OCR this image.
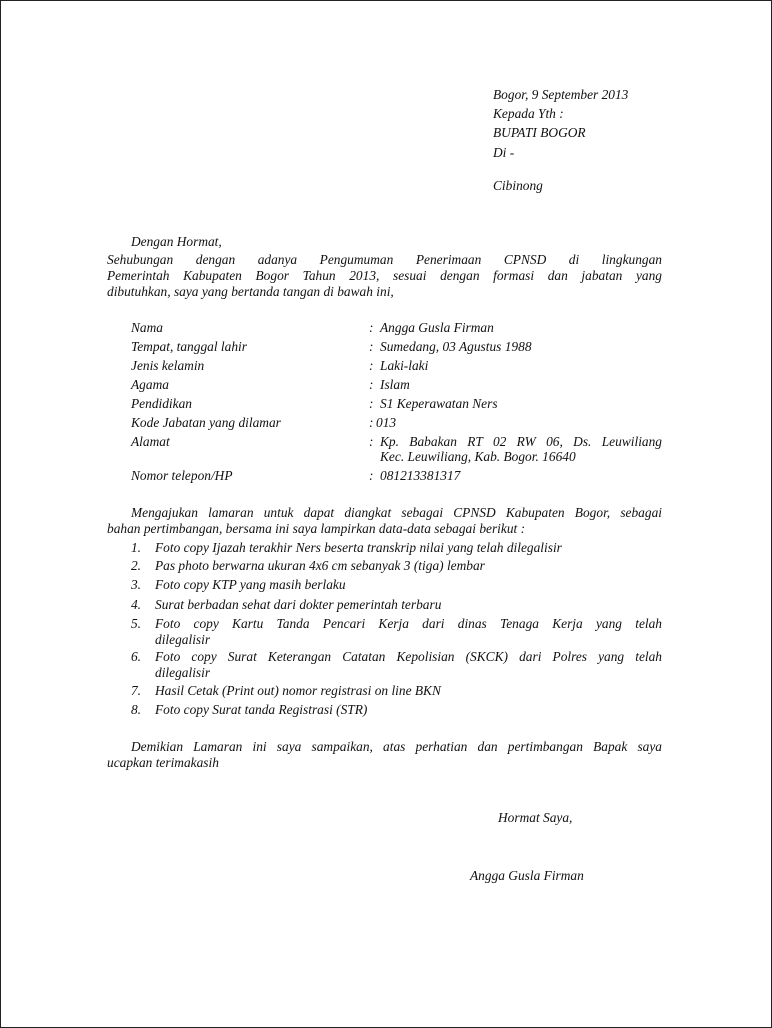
Bogor, 9 September 2013
Kepada Yth :
BUPATI BOGOR
Di -
Cibinong
Dengan Hormat,
Sehubungan dengan adanya Pengumuman Penerimaan CPNSD di lingkungan
Pemerintah Kabupaten Bogor Tahun 2013, sesuai dengan formasi dan jabatan yang
dibutuhkan, saya yang bertanda tangan di bawah ini,
Nama	: Angga Gusla Firman
Tempat, tanggal lahir	: Sumedang, 03 Agustus 1988
Jenis kelamin	: Laki-laki
Agama	: Islam
Pendidikan	: S1 Keperawatan Ners
Kode Jabatan yang dilamar	: 013
Alamat	: Kp. Babakan RT 02 RW 06, Ds. Leuwiliang
Kec. Leuwiliang, Kab. Bogor. 16640
Nomor telepon/HP	: 081213381317
Mengajukan lamaran untuk dapat diangkat sebagai CPNSD Kabupaten Bogor, sebagai
bahan pertimbangan, bersama ini saya lampirkan data-data sebagai berikut :
1. Foto copy Ijazah terakhir Ners beserta transkrip nilai yang telah dilegalisir
2. Pas photo berwarna ukuran 4x6 cm sebanyak 3 (tiga) lembar
3. Foto copy KTP yang masih berlaku
4. Surat berbadan sehat dari dokter pemerintah terbaru
5. Foto copy Kartu Tanda Pencari Kerja dari dinas Tenaga Kerja yang telah
dilegalisir
6. Foto copy Surat Keterangan Catatan Kepolisian (SKCK) dari Polres yang telah
dilegalisir
7. Hasil Cetak (Print out) nomor registrasi on line BKN
8. Foto copy Surat tanda Registrasi (STR)
Demikian Lamaran ini saya sampaikan, atas perhatian dan pertimbangan Bapak saya
ucapkan terimakasih
Hormat Saya,
Angga Gusla Firman
